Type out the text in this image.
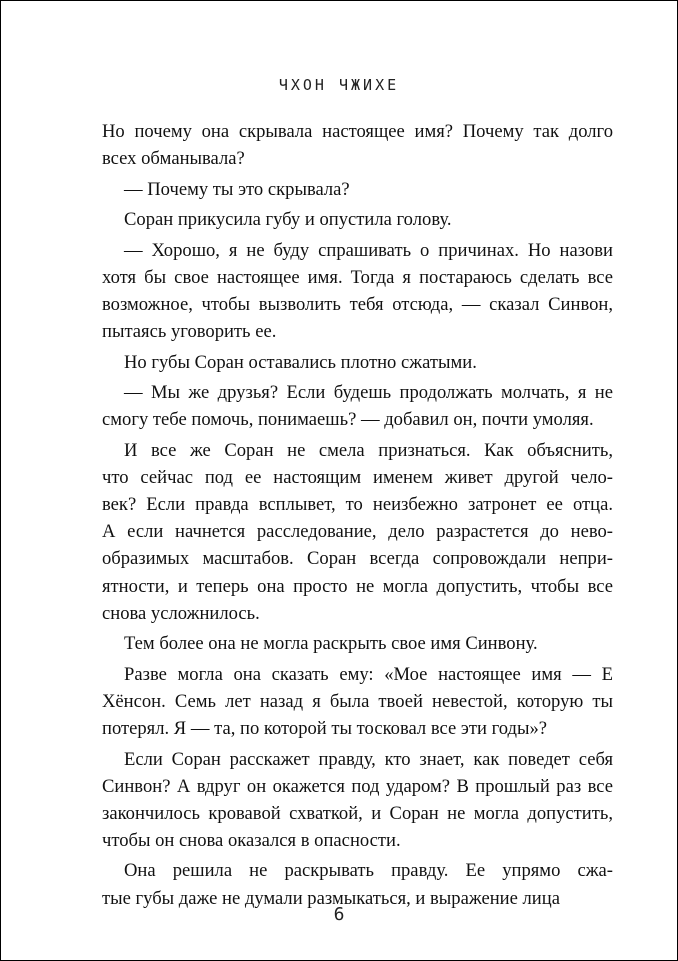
ЧХОН ЧЖИХЕ
Но почему она скрывала настоящее имя? Почему так долго
всех обманывала?
— Почему ты это скрывала?
Соран прикусила губу и опустила голову.
— Хорошо, я не буду спрашивать о причинах. Но назови
хотя бы свое настоящее имя. Тогда я постараюсь сделать все
возможное, чтобы вызволить тебя отсюда, — сказал Синвон,
пытаясь уговорить ее.
Но губы Соран оставались плотно сжатыми.
— Мы же друзья? Если будешь продолжать молчать, я не
смогу тебе помочь, понимаешь? — добавил он, почти умоляя.
И все же Соран не смела признаться. Как объяснить,
что сейчас под ее настоящим именем живет другой чело-
век? Если правда всплывет, то неизбежно затронет ее отца.
А если начнется расследование, дело разрастется до нево-
образимых масштабов. Соран всегда сопровождали непри-
ятности, и теперь она просто не могла допустить, чтобы все
снова усложнилось.
Тем более она не могла раскрыть свое имя Синвону.
Разве могла она сказать ему: «Мое настоящее имя — Е
Хёнсон. Семь лет назад я была твоей невестой, которую ты
потерял. Я — та, по которой ты тосковал все эти годы»?
Если Соран расскажет правду, кто знает, как поведет себя
Синвон? А вдруг он окажется под ударом? В прошлый раз все
закончилось кровавой схваткой, и Соран не могла допустить,
чтобы он снова оказался в опасности.
Она решила не раскрывать правду. Ее упрямо сжа-
тые губы даже не думали размыкаться, и выражение лица
6
